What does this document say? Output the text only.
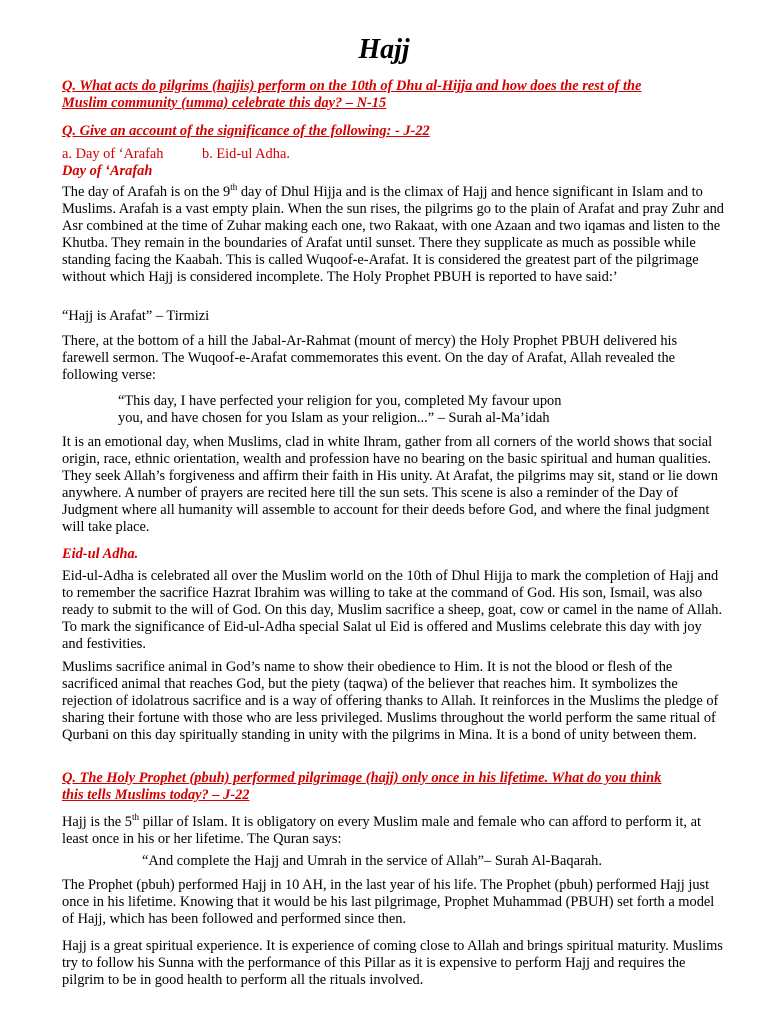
Hajj
Q. What acts do pilgrims (hajjis) perform on the 10th of Dhu al-Hijja and how does the rest of the
Muslim community (umma) celebrate this day? – N-15
Q. Give an account of the significance of the following: - J-22
a. Day of ‘Arafah	b. Eid-ul Adha.
Day of ‘Arafah
The day of Arafah is on the 9th day of Dhul Hijja and is the climax of Hajj and hence significant in Islam and to Muslims. Arafah is a vast empty plain. When the sun rises, the pilgrims go to the plain of Arafat and pray Zuhr and Asr combined at the time of Zuhar making each one, two Rakaat, with one Azaan and two iqamas and listen to the Khutba. They remain in the boundaries of Arafat until sunset. There they supplicate as much as possible while standing facing the Kaabah. This is called Wuqoof-e-Arafat. It is considered the greatest part of the pilgrimage without which Hajj is considered incomplete. The Holy Prophet PBUH is reported to have said:’
“Hajj is Arafat” – Tirmizi
There, at the bottom of a hill the Jabal-Ar-Rahmat (mount of mercy) the Holy Prophet PBUH delivered his farewell sermon. The Wuqoof-e-Arafat commemorates this event. On the day of Arafat, Allah revealed the following verse:
“This day, I have perfected your religion for you, completed My favour upon
you, and have chosen for you Islam as your religion...” – Surah al-Ma’idah
It is an emotional day, when Muslims, clad in white Ihram, gather from all corners of the world shows that social origin, race, ethnic orientation, wealth and profession have no bearing on the basic spiritual and human qualities. They seek Allah’s forgiveness and affirm their faith in His unity. At Arafat, the pilgrims may sit, stand or lie down anywhere. A number of prayers are recited here till the sun sets. This scene is also a reminder of the Day of Judgment where all humanity will assemble to account for their deeds before God, and where the final judgment will take place.
Eid-ul Adha.
Eid-ul-Adha is celebrated all over the Muslim world on the 10th of Dhul Hijja to mark the completion of Hajj and to remember the sacrifice Hazrat Ibrahim was willing to take at the command of God. His son, Ismail, was also ready to submit to the will of God. On this day, Muslim sacrifice a sheep, goat, cow or camel in the name of Allah. To mark the significance of Eid-ul-Adha special Salat ul Eid is offered and Muslims celebrate this day with joy and festivities.
Muslims sacrifice animal in God’s name to show their obedience to Him. It is not the blood or flesh of the sacrificed animal that reaches God, but the piety (taqwa) of the believer that reaches him. It symbolizes the rejection of idolatrous sacrifice and is a way of offering thanks to Allah. It reinforces in the Muslims the pledge of sharing their fortune with those who are less privileged. Muslims throughout the world perform the same ritual of Qurbani on this day spiritually standing in unity with the pilgrims in Mina. It is a bond of unity between them.
Q. The Holy Prophet (pbuh) performed pilgrimage (hajj) only once in his lifetime. What do you think
this tells Muslims today? – J-22
Hajj is the 5th pillar of Islam. It is obligatory on every Muslim male and female who can afford to perform it, at least once in his or her lifetime. The Quran says:
“And complete the Hajj and Umrah in the service of Allah”– Surah Al-Baqarah.
The Prophet (pbuh) performed Hajj in 10 AH, in the last year of his life. The Prophet (pbuh) performed Hajj just once in his lifetime. Knowing that it would be his last pilgrimage, Prophet Muhammad (PBUH) set forth a model of Hajj, which has been followed and performed since then.
Hajj is a great spiritual experience. It is experience of coming close to Allah and brings spiritual maturity. Muslims try to follow his Sunna with the performance of this Pillar as it is expensive to perform Hajj and requires the pilgrim to be in good health to perform all the rituals involved.
